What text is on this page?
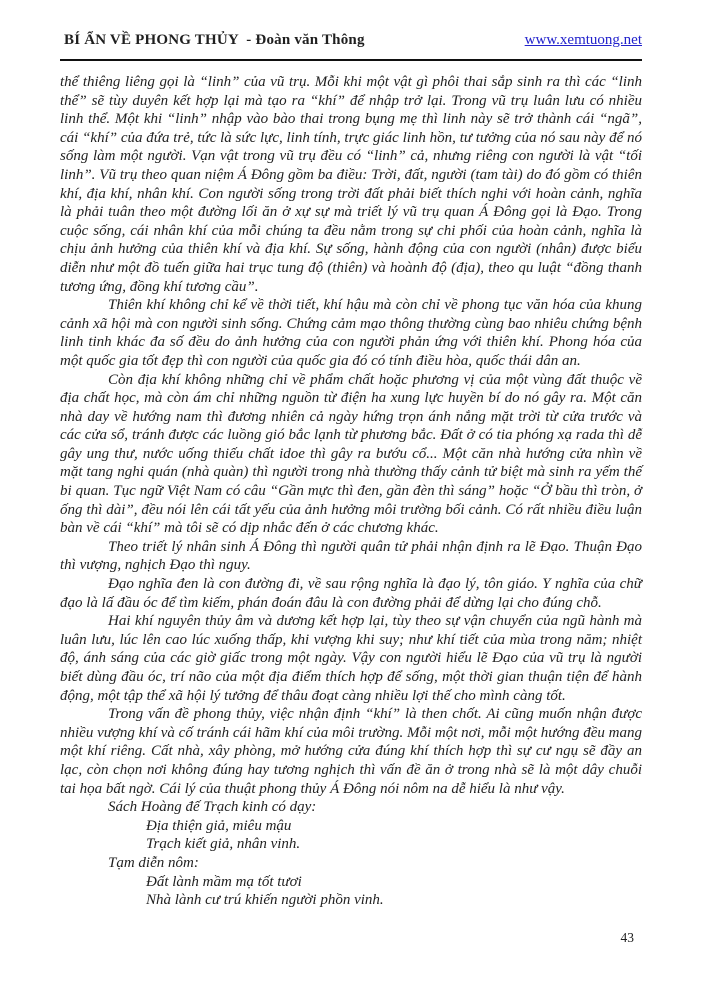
BÍ ẨN VỀ PHONG THỦY  - Đoàn văn Thông	www.xemtuong.net

thể thiêng liêng gọi là “linh” của vũ trụ. Mỗi khi một vật gì phôi thai sắp sinh ra thì các “linh thể” sẽ tùy duyên kết hợp lại mà tạo ra “khí” để nhập trở lại. Trong vũ trụ luân lưu có nhiều linh thể. Một khi “linh” nhập vào bào thai trong bụng mẹ thì linh này sẽ trở thành cái “ngã”, cái “khí” của đứa trẻ, tức là sức lực, linh tính, trực giác linh hồn, tư tưởng của nó sau này để nó sống làm một người. Vạn vật trong vũ trụ đều có “linh” cả, nhưng riêng con người là vật “tối linh”. Vũ trụ theo quan niệm Á Đông gồm ba điều: Trời, đất, người (tam tài) do đó gồm có thiên khí, địa khí, nhân khí. Con người sống trong trời đất phải biết thích nghi với hoàn cảnh, nghĩa là phải tuân theo một đường lối ăn ở xự sự mà triết lý vũ trụ quan Á Đông gọi là Đạo. Trong cuộc sống, cái nhân khí của mỗi chúng ta đều nằm trong sự chi phối của hoàn cảnh, nghĩa là chịu ảnh hưởng của thiên khí và địa khí. Sự sống, hành động của con người (nhân) được biểu diễn như một đồ tuến giữa hai trục tung độ (thiên) và hoành độ (địa), theo qu luật “đồng thanh tương ứng, đồng khí tương cầu”.

Thiên khí không chỉ kể về thời tiết, khí hậu mà còn chỉ về phong tục văn hóa của khung cảnh xã hội mà con người sinh sống. Chứng cảm mạo thông thường cùng bao nhiêu chứng bệnh linh tinh khác đa số đều do ảnh hưởng của con người phản ứng với thiên khí. Phong hóa của một quốc gia tốt đẹp thì con người của quốc gia đó có tính điều hòa, quốc thái dân an.

Còn địa khí không những chỉ về phẩm chất hoặc phương vị của một vùng đất thuộc về địa chất học, mà còn ám chỉ những nguồn từ điện ha xung lực huyền bí do nó gây ra. Một căn nhà day về hướng nam thì đương nhiên cả ngày hứng trọn ánh nắng mặt trời từ cửa trước và các cửa sổ, tránh được các luồng gió bắc lạnh từ phương bắc. Đất ở có tia phóng xạ rada thì dễ gây ung thư, nước uống thiếu chất idoe thì gây ra bướu cổ... Một căn nhà hướng cửa nhìn về mặt tang nghi quán (nhà quàn) thì người trong nhà thường thấy cảnh tử biệt mà sinh ra yếm thế bi quan. Tục ngữ Việt Nam có câu “Gần mực thì đen, gần đèn thì sáng” hoặc “Ở bầu thì tròn, ở ống thì dài”, đều nói lên cái tất yếu của ảnh hưởng môi trường bối cảnh. Có rất nhiều điều luận bàn về cái “khí” mà tôi sẽ có dịp nhắc đến ở các chương khác.

Theo triết lý nhân sinh Á Đông thì người quân tử phải nhận định ra lẽ Đạo. Thuận Đạo thì vượng, nghịch Đạo thì nguy.

Đạo nghĩa đen là con đường đi, về sau rộng nghĩa là đạo lý, tôn giáo. Y nghĩa của chữ đạo là lấ đầu óc để tìm kiếm, phán đoán đâu là con đường phải để dừng lại cho đúng chỗ.

Hai khí nguyên thủy âm và dương kết hợp lại, tùy theo sự vận chuyển của ngũ hành mà luân lưu, lúc lên cao lúc xuống thấp, khi vượng khi suy; như khí tiết của mùa trong năm; nhiệt độ, ánh sáng của các giờ giấc trong một ngày. Vậy con người hiểu lẽ Đạo của vũ trụ là người biết dùng đầu óc, trí não của một địa điểm thích hợp để sống, một thời gian thuận tiện để hành động, một tập thể xã hội lý tưởng để thâu đoạt càng nhiều lợi thế cho mình càng tốt.

Trong vấn đề phong thủy, việc nhận định “khí” là then chốt. Ai cũng muốn nhận được nhiều vượng khí và cố tránh cái hãm khí của môi trường. Mỗi một nơi, mỗi một hướng đều mang một khí riêng. Cất nhà, xây phòng, mở hướng cửa đúng khí thích hợp thì sự cư ngụ sẽ đầy an lạc, còn chọn nơi không đúng hay tương nghịch thì vấn đề ăn ở trong nhà sẽ là một dây chuỗi tai họa bất ngờ. Cái lý của thuật phong thủy Á Đông nói nôm na dễ hiểu là như vậy.

Sách Hoàng đế Trạch kinh có dạy:

Địa thiện giả, miêu mậu

Trạch kiết giả, nhân vinh.

Tạm diễn nôm:

Đất lành mầm mạ tốt tươi

Nhà lành cư trú khiến người phồn vinh.

43
